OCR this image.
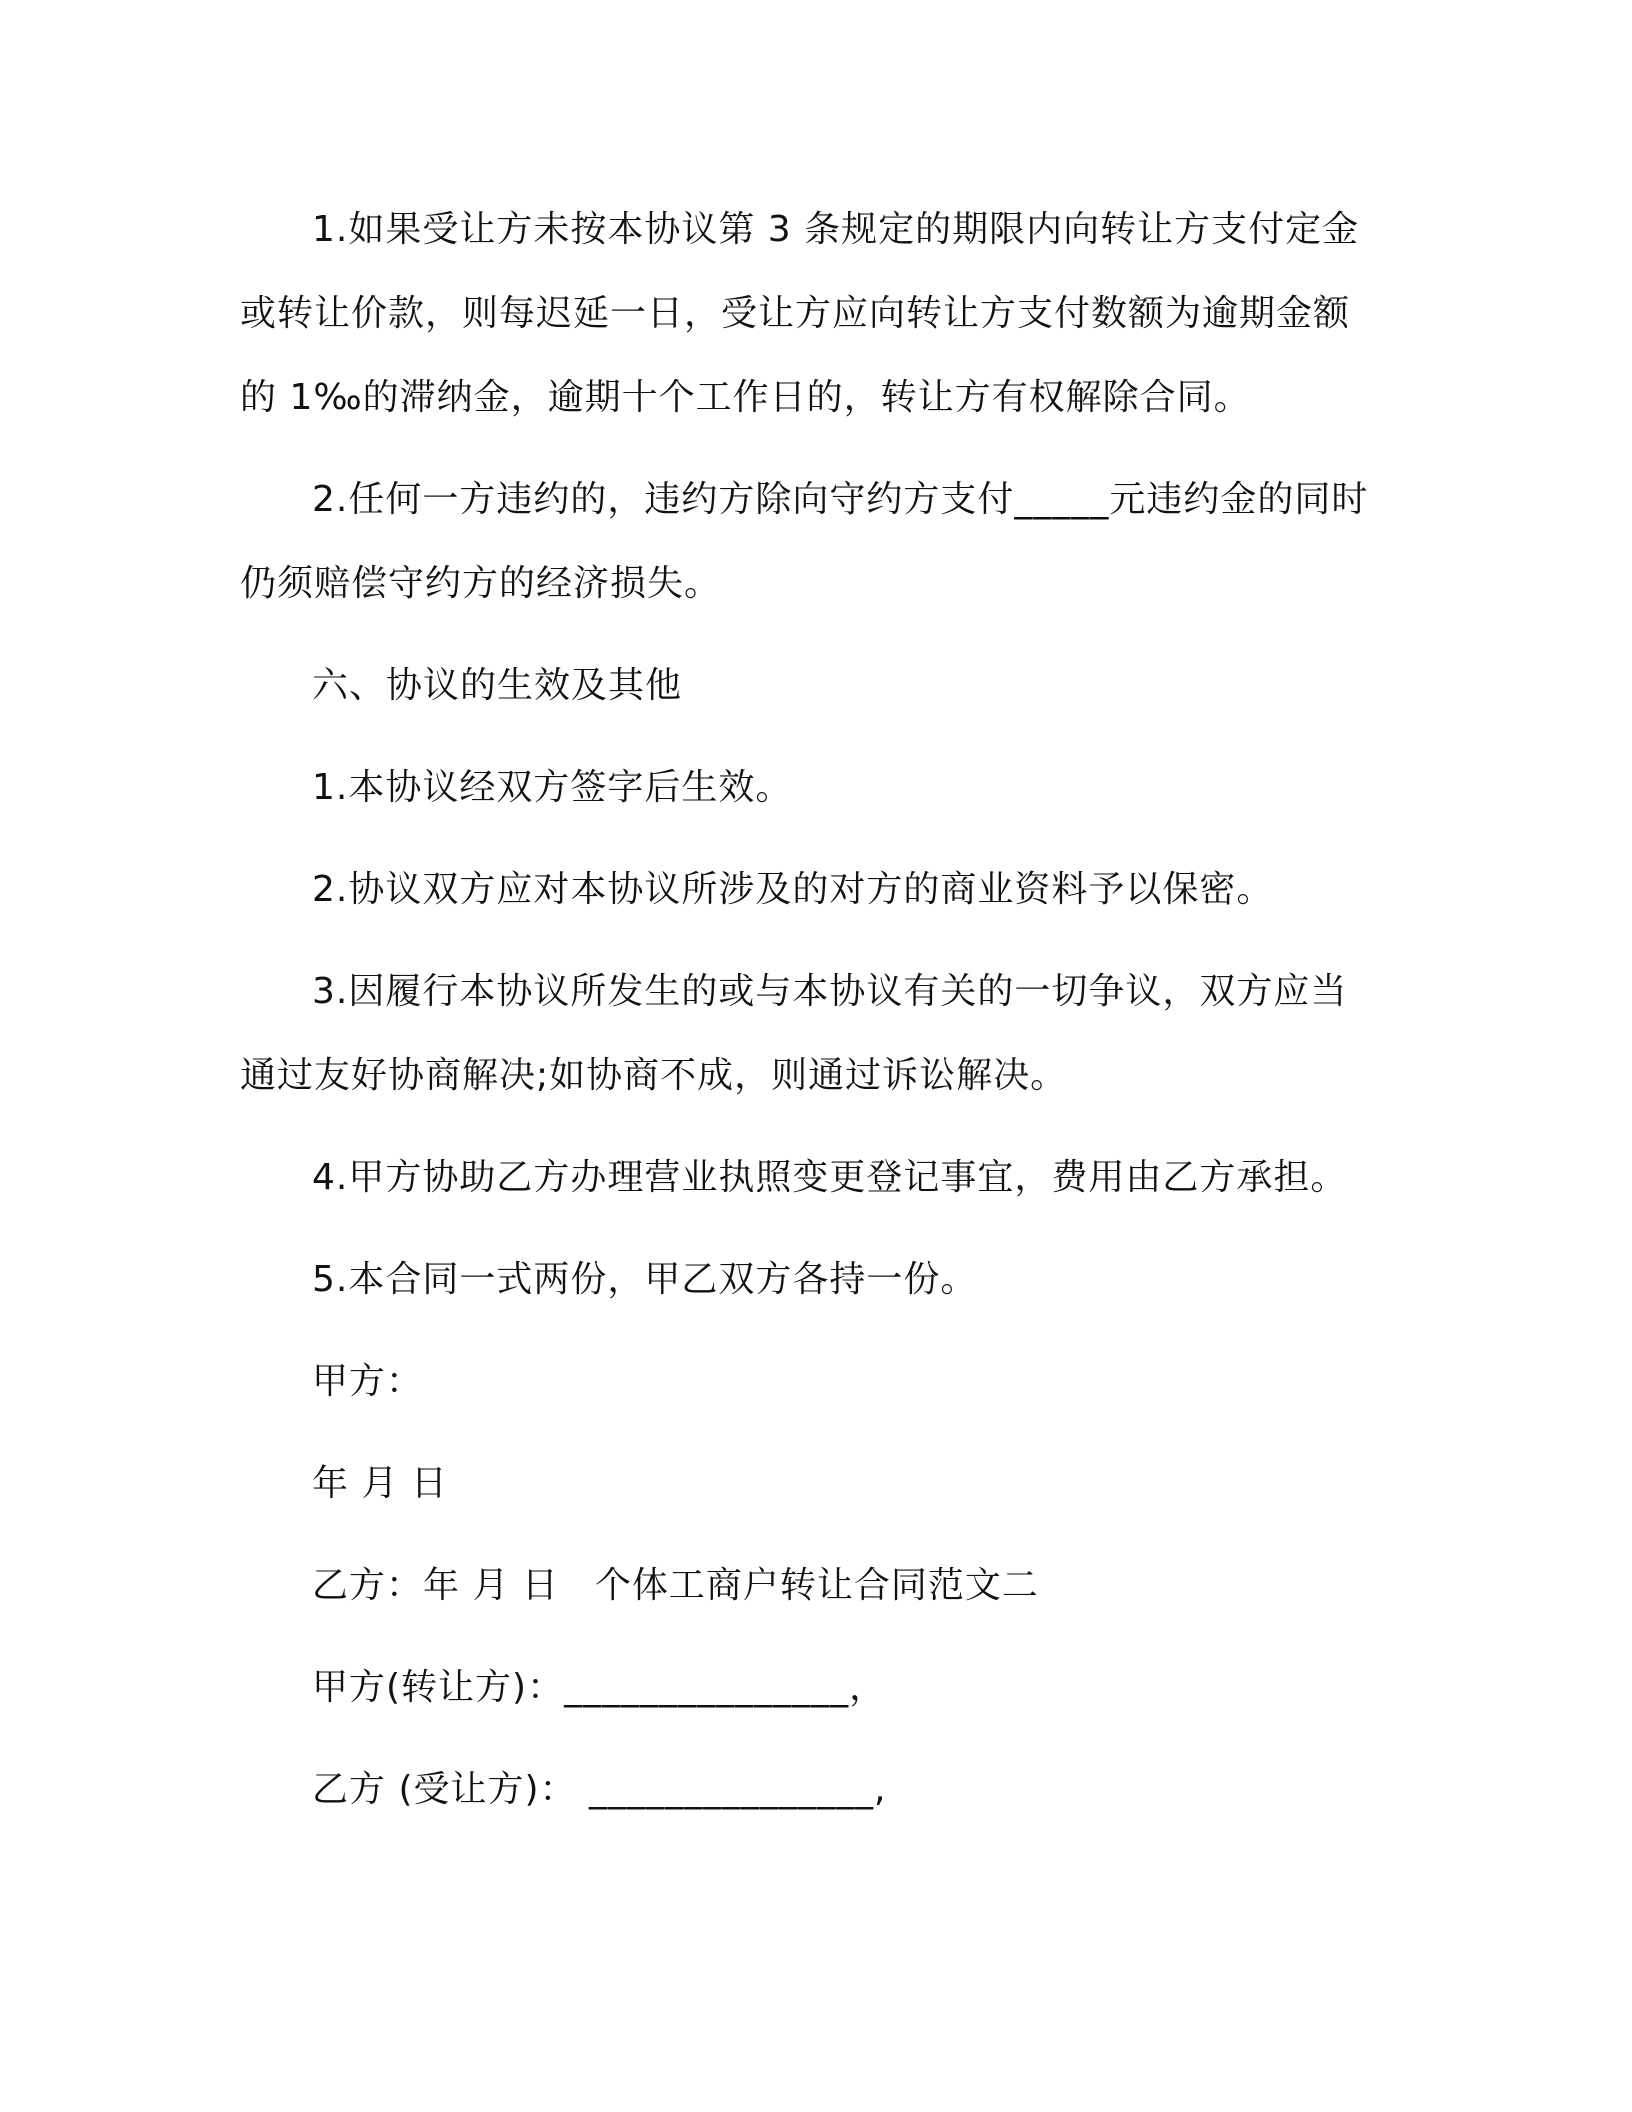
1.如果受让方未按本协议第 3 条规定的期限内向转让方支付定金或转让价款，则每迟延一日，受让方应向转让方支付数额为逾期金额的 1‰的滞纳金，逾期十个工作日的，转让方有权解除合同。

2.任何一方违约的，违约方除向守约方支付_____元违约金的同时仍须赔偿守约方的经济损失。

六、协议的生效及其他

1.本协议经双方签字后生效。

2.协议双方应对本协议所涉及的对方的商业资料予以保密。

3.因履行本协议所发生的或与本协议有关的一切争议，双方应当通过友好协商解决;如协商不成，则通过诉讼解决。

4.甲方协助乙方办理营业执照变更登记事宜，费用由乙方承担。

5.本合同一式两份，甲乙双方各持一份。

甲方：

年 月 日

乙方：年 月 日 个体工商户转让合同范文二

甲方(转让方)：_______________，

乙方 (受让方)： _______________,
